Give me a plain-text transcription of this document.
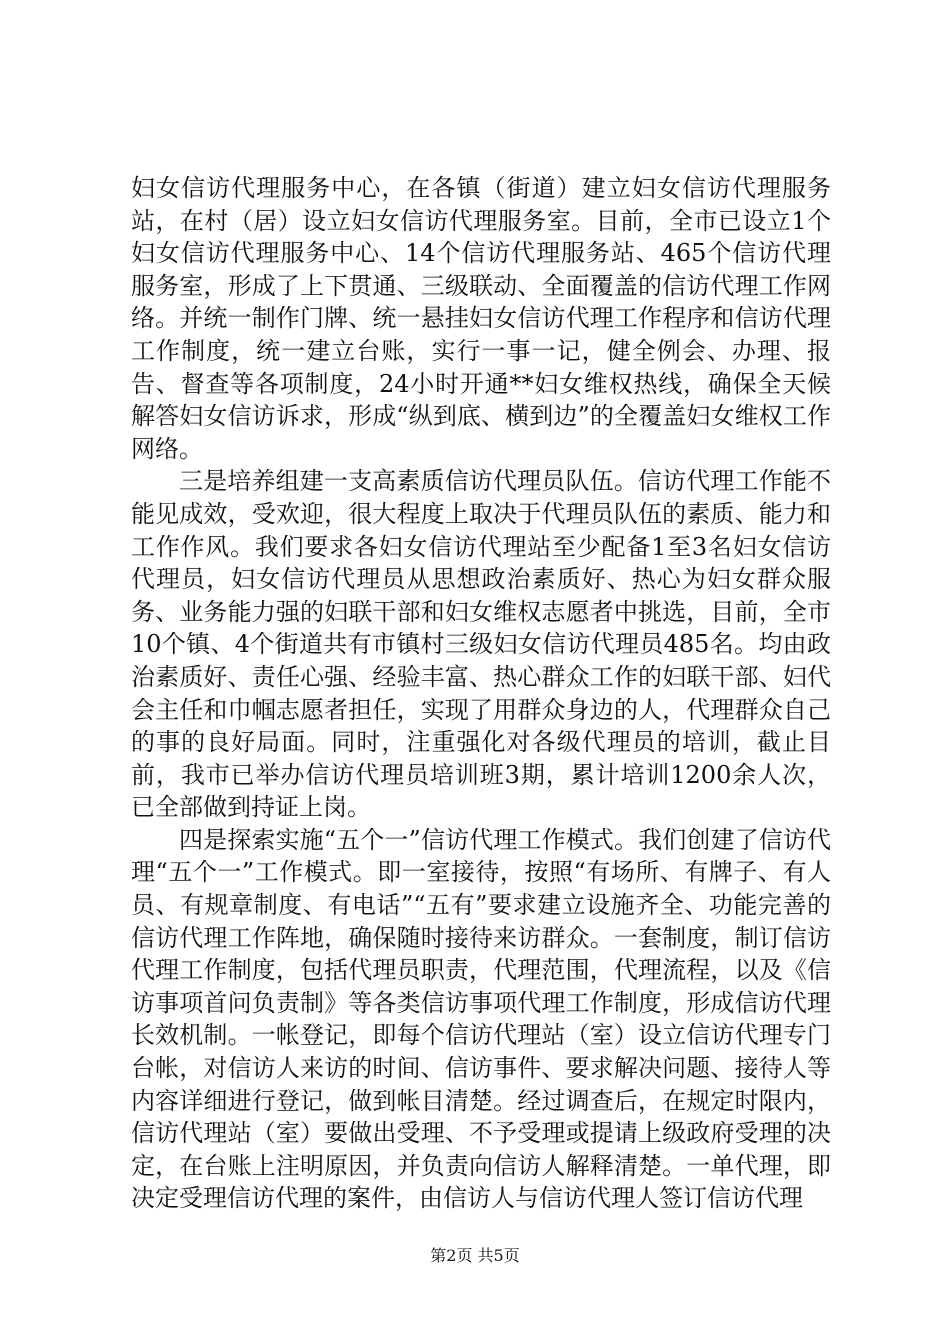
妇女信访代理服务中心，在各镇（街道）建立妇女信访代理服务站，在村（居）设立妇女信访代理服务室。目前，全市已设立1个妇女信访代理服务中心、14个信访代理服务站、465个信访代理服务室，形成了上下贯通、三级联动、全面覆盖的信访代理工作网络。并统一制作门牌、统一悬挂妇女信访代理工作程序和信访代理工作制度，统一建立台账，实行一事一记，健全例会、办理、报告、督查等各项制度，24小时开通**妇女维权热线，确保全天候解答妇女信访诉求，形成“纵到底、横到边”的全覆盖妇女维权工作网络。

三是培养组建一支高素质信访代理员队伍。信访代理工作能不能见成效，受欢迎，很大程度上取决于代理员队伍的素质、能力和工作作风。我们要求各妇女信访代理站至少配备1至3名妇女信访代理员，妇女信访代理员从思想政治素质好、热心为妇女群众服务、业务能力强的妇联干部和妇女维权志愿者中挑选，目前，全市10个镇、4个街道共有市镇村三级妇女信访代理员485名。均由政治素质好、责任心强、经验丰富、热心群众工作的妇联干部、妇代会主任和巾帼志愿者担任，实现了用群众身边的人，代理群众自己的事的良好局面。同时，注重强化对各级代理员的培训，截止目前，我市已举办信访代理员培训班3期，累计培训1200余人次，已全部做到持证上岗。

四是探索实施“五个一”信访代理工作模式。我们创建了信访代理“五个一”工作模式。即一室接待，按照“有场所、有牌子、有人员、有规章制度、有电话”“五有”要求建立设施齐全、功能完善的信访代理工作阵地，确保随时接待来访群众。一套制度，制订信访代理工作制度，包括代理员职责，代理范围，代理流程，以及《信访事项首问负责制》等各类信访事项代理工作制度，形成信访代理长效机制。一帐登记，即每个信访代理站（室）设立信访代理专门台帐，对信访人来访的时间、信访事件、要求解决问题、接待人等内容详细进行登记，做到帐目清楚。经过调查后，在规定时限内，信访代理站（室）要做出受理、不予受理或提请上级政府受理的决定，在台账上注明原因，并负责向信访人解释清楚。一单代理，即决定受理信访代理的案件，由信访人与信访代理人签订信访代理

第2页 共5页
